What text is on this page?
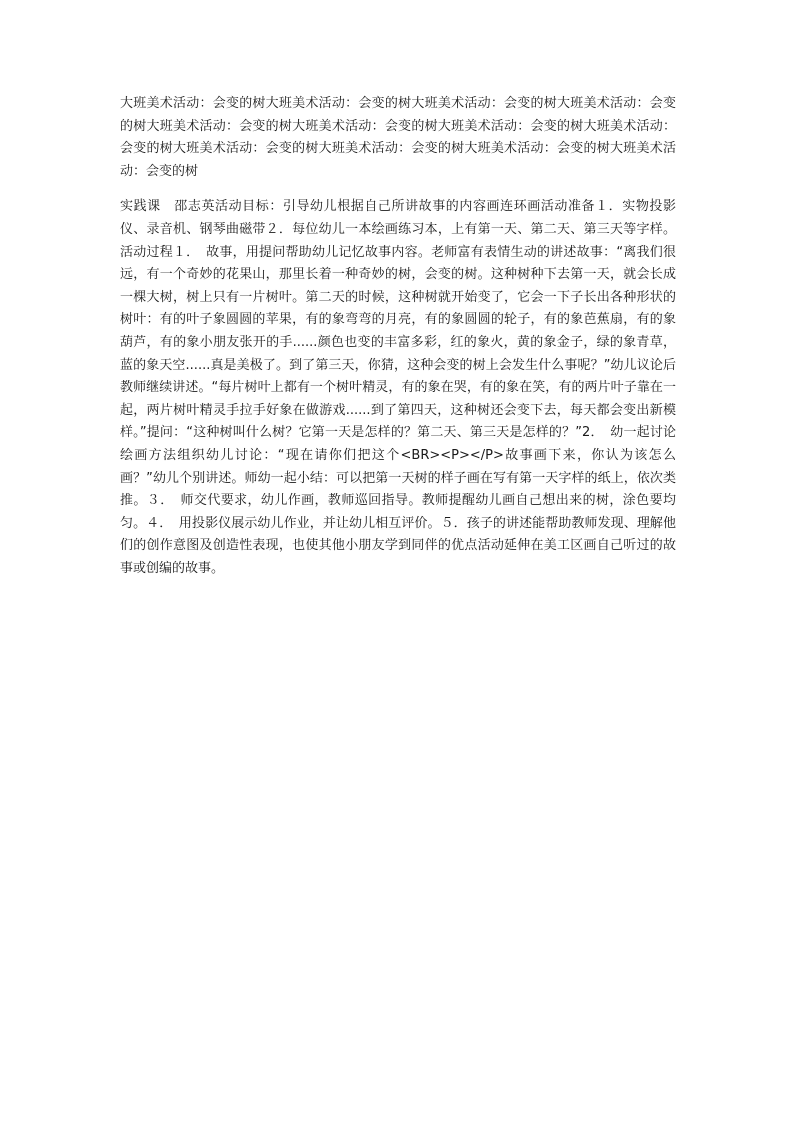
大班美术活动：会变的树大班美术活动：会变的树大班美术活动：会变的树大班美术活动：会变的树大班美术活动：会变的树大班美术活动：会变的树大班美术活动：会变的树大班美术活动：会变的树大班美术活动：会变的树大班美术活动：会变的树大班美术活动：会变的树大班美术活动：会变的树

实践课　邵志英活动目标：引导幼儿根据自己所讲故事的内容画连环画活动准备１．实物投影仪、录音机、钢琴曲磁带２．每位幼儿一本绘画练习本，上有第一天、第二天、第三天等字样。活动过程１．　故事，用提问帮助幼儿记忆故事内容。老师富有表情生动的讲述故事：“离我们很远，有一个奇妙的花果山，那里长着一种奇妙的树，会变的树。这种树种下去第一天，就会长成一棵大树，树上只有一片树叶。第二天的时候，这种树就开始变了，它会一下子长出各种形状的树叶：有的叶子象圆圆的苹果，有的象弯弯的月亮，有的象圆圆的轮子，有的象芭蕉扇，有的象葫芦，有的象小朋友张开的手......颜色也变的丰富多彩，红的象火，黄的象金子，绿的象青草，蓝的象天空......真是美极了。到了第三天，你猜，这种会变的树上会发生什么事呢？”幼儿议论后教师继续讲述。“每片树叶上都有一个树叶精灵，有的象在哭，有的象在笑，有的两片叶子靠在一起，两片树叶精灵手拉手好象在做游戏......到了第四天，这种树还会变下去，每天都会变出新模样。”提问：“这种树叫什么树？它第一天是怎样的？第二天、第三天是怎样的？”2．　幼一起讨论绘画方法组织幼儿讨论：“现在请你们把这个<BR><P></P>故事画下来，你认为该怎么画？”幼儿个别讲述。师幼一起小结：可以把第一天树的样子画在写有第一天字样的纸上，依次类推。３．　师交代要求，幼儿作画，教师巡回指导。教师提醒幼儿画自己想出来的树，涂色要均匀。４．　用投影仪展示幼儿作业，并让幼儿相互评价。５．孩子的讲述能帮助教师发现、理解他们的创作意图及创造性表现，也使其他小朋友学到同伴的优点活动延伸在美工区画自己听过的故事或创编的故事。
